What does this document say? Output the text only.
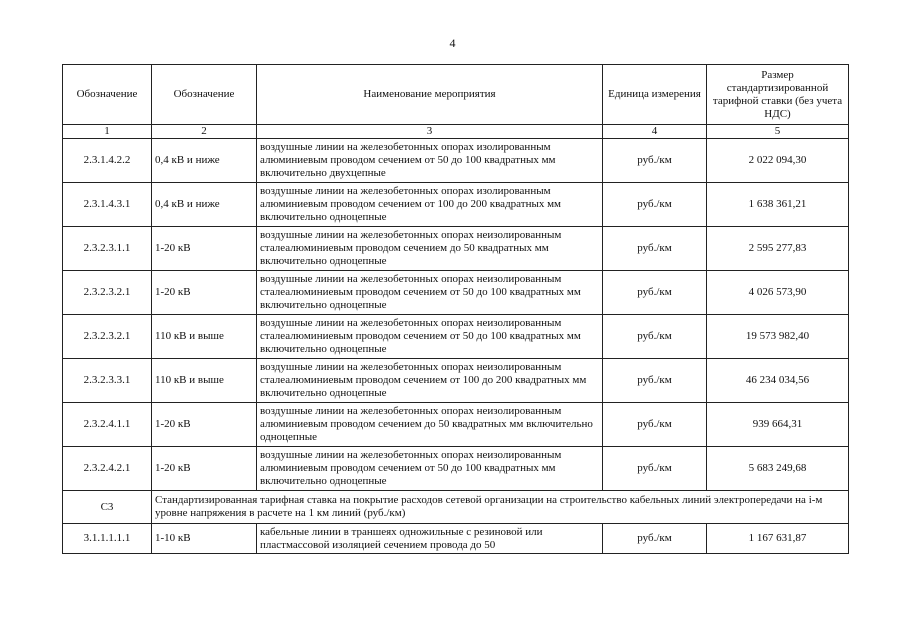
4
Обозначение	Обозначение	Наименование мероприятия	Единица измерения	Размер стандартизированной тарифной ставки (без учета НДС)
1	2	3	4	5
2.3.1.4.2.2	0,4 кВ и ниже	воздушные линии на железобетонных опорах изолированным алюминиевым проводом сечением от 50 до 100 квадратных мм включительно двухцепные	руб./км	2 022 094,30
2.3.1.4.3.1	0,4 кВ и ниже	воздушные линии на железобетонных опорах изолированным алюминиевым проводом сечением от 100 до 200 квадратных мм включительно одноцепные	руб./км	1 638 361,21
2.3.2.3.1.1	1-20 кВ	воздушные линии на железобетонных опорах неизолированным сталеалюминиевым проводом сечением до 50 квадратных мм включительно одноцепные	руб./км	2 595 277,83
2.3.2.3.2.1	1-20 кВ	воздушные линии на железобетонных опорах неизолированным сталеалюминиевым проводом сечением от 50 до 100 квадратных мм включительно одноцепные	руб./км	4 026 573,90
2.3.2.3.2.1	110 кВ и выше	воздушные линии на железобетонных опорах неизолированным сталеалюминиевым проводом сечением от 50 до 100 квадратных мм включительно одноцепные	руб./км	19 573 982,40
2.3.2.3.3.1	110 кВ и выше	воздушные линии на железобетонных опорах неизолированным сталеалюминиевым проводом сечением от 100 до 200 квадратных мм включительно одноцепные	руб./км	46 234 034,56
2.3.2.4.1.1	1-20 кВ	воздушные линии на железобетонных опорах неизолированным алюминиевым проводом сечением до 50 квадратных мм включительно одноцепные	руб./км	939 664,31
2.3.2.4.2.1	1-20 кВ	воздушные линии на железобетонных опорах неизолированным алюминиевым проводом сечением от 50 до 100 квадратных мм включительно одноцепные	руб./км	5 683 249,68
С3	Стандартизированная тарифная ставка на покрытие расходов сетевой организации на строительство кабельных линий электропередачи на i-м уровне напряжения в расчете на 1 км линий (руб./км)			
3.1.1.1.1.1	1-10 кВ	кабельные линии в траншеях одножильные с резиновой или пластмассовой изоляцией сечением провода до 50	руб./км	1 167 631,87
